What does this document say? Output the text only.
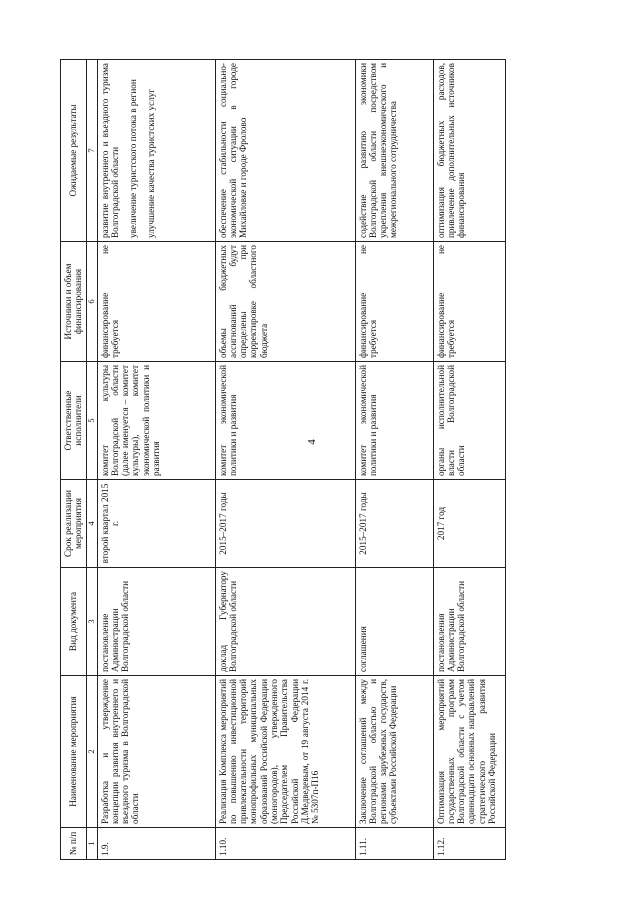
4
№ п/п	Наименование мероприятия	Вид документа	Срок реализации мероприятия	Ответственные исполнители	Источники и объем финансирования	Ожидаемые результаты
1	2	3	4	5	6	7
1.9.	Разработка и утверждение концепции развития внутреннего и въездного туризма в Волгоградской области	постановление Администрации Волгоградской области	второй квартал 2015 г.	комитет культуры Волгоградской области (далее именуется – комитет культуры), комитет экономической политики и развития	финансирование не требуется	развитие внутреннего и въездного туризма Волгоградской области увеличение туристского потока в регион улучшение качества туристских услуг

1.10.	Реализация Комплекса мероприятий по повышению инвестиционной привлекательности территорий монопрофильных муниципальных образований Российской Федерации (моногородов), утвержденного Председателем Правительства Российской Федерации Д.Медведевым, от 19 августа 2014 г. № 5307п-П16	доклад Губернатору Волгоградской области	2015–2017 годы	комитет экономической политики и развития	объемы бюджетных ассигнований будут определены при корректировке областного бюджета	обеспечение стабильности социально-экономической ситуации в городе Михайловке и городе Фролово

1.11.	Заключение соглашений между Волгоградской областью и регионами зарубежных государств, субъектами Российской Федерации	соглашения	2015–2017 годы	комитет экономической политики и развития	финансирование не требуется	содействие развитию экономики Волгоградской области посредством укрепления внешнеэкономического и межрегионального сотрудничества

1.12.	Оптимизация мероприятий государственных программ Волгоградской области с учетом одиннадцати основных направлений стратегического развития Российской Федерации	постановления Администрации Волгоградской области	2017 год	органы исполнительной власти Волгоградской области	финансирование не требуется	оптимизация бюджетных расходов, привлечение дополнительных источников финансирования
